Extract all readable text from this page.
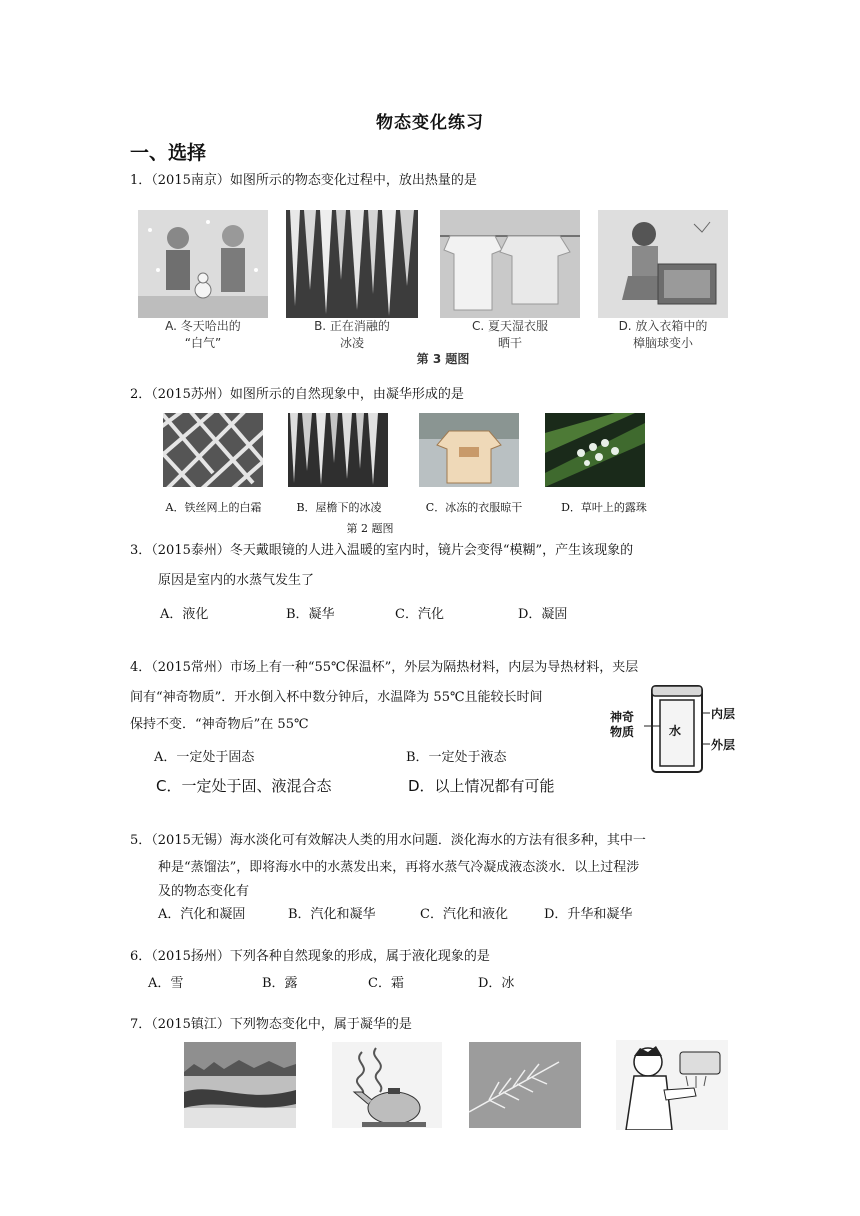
物态变化练习
一、选择
1．（2015南京）如图所示的物态变化过程中，放出热量的是
A. 冬天哈出的
“白气”
B. 正在消融的
冰凌
C. 夏天湿衣服
晒干
D. 放入衣箱中的
樟脑球变小
第 3 题图
2．（2015苏州）如图所示的自然现象中，由凝华形成的是
A．铁丝网上的白霜	B．屋檐下的冰凌	C．冰冻的衣服晾干	D．草叶上的露珠
第 2 题图
3．（2015泰州）冬天戴眼镜的人进入温暖的室内时，镜片会变得“模糊”，产生该现象的
原因是室内的水蒸气发生了
A．液化	B．凝华	C．汽化	D．凝固
4．（2015常州）市场上有一种“55℃保温杯”，外层为隔热材料，内层为导热材料，夹层
间有“神奇物质”．开水倒入杯中数分钟后，水温降为 55℃且能较长时间
保持不变．“神奇物后”在 55℃
A．一定处于固态	B．一定处于液态
C．一定处于固、液混合态	D．以上情况都有可能
神奇
物质	水
内层
外层
5．（2015无锡）海水淡化可有效解决人类的用水问题．淡化海水的方法有很多种，其中一
种是“蒸馏法”，即将海水中的水蒸发出来，再将水蒸气冷凝成液态淡水．以上过程涉
及的物态变化有
A．汽化和凝固	B．汽化和凝华	C．汽化和液化	D．升华和凝华
6．（2015扬州）下列各种自然现象的形成，属于液化现象的是
A．雪	B．露	C．霜	D．冰
7．（2015镇江）下列物态变化中，属于凝华的是
